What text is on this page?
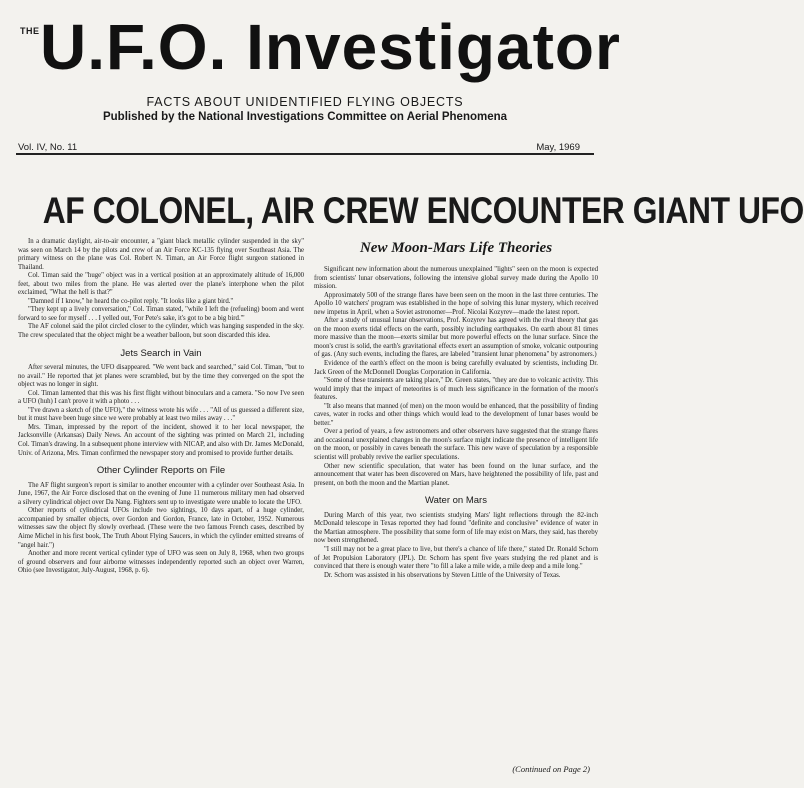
THE U.F.O. Investigator
FACTS ABOUT UNIDENTIFIED FLYING OBJECTS
Published by the National Investigations Committee on Aerial Phenomena
Vol. IV, No. 11	May, 1969
AF COLONEL, AIR CREW ENCOUNTER GIANT UFO

In a dramatic daylight, air-to-air encounter, a "giant black metallic cylinder suspended in the sky" was seen on March 14 by the pilots and crew of an Air Force KC-135 flying over Southeast Asia. The primary witness on the plane was Col. Robert N. Timan, an Air Force flight surgeon stationed in Thailand.

Col. Timan said the "huge" object was in a vertical position at an approximately altitude of 16,000 feet, about two miles from the plane. He was alerted over the plane's interphone when the pilot exclaimed, "What the hell is that?"

"Damned if I know," he heard the co-pilot reply. "It looks like a giant bird."

"They kept up a lively conversation," Col. Timan stated, "while I left the (refueling) boom and went forward to see for myself . . . I yelled out, 'For Pete's sake, it's got to be a big bird.'"

The AF colonel said the pilot circled closer to the cylinder, which was hanging suspended in the sky. The crew speculated that the object might be a weather balloon, but soon discarded this idea.

Jets Search in Vain

After several minutes, the UFO disappeared. "We went back and searched," said Col. Timan, "but to no avail." He reported that jet planes were scrambled, but by the time they converged on the spot the object was no longer in sight.

Col. Timan lamented that this was his first flight without binoculars and a camera. "So now I've seen a UFO (huh) I can't prove it with a photo . . .

"I've drawn a sketch of (the UFO)," the witness wrote his wife . . . "All of us guessed a different size, but it must have been huge since we were probably at least two miles away . . ."

Mrs. Timan, impressed by the report of the incident, showed it to her local newspaper, the Jacksonville (Arkansas) Daily News. An account of the sighting was printed on March 21, including Col. Timan's drawing. In a subsequent phone interview with NICAP, and also with Dr. James McDonald, Univ. of Arizona, Mrs. Timan confirmed the newspaper story and promised to provide further details.

Other Cylinder Reports on File

The AF flight surgeon's report is similar to another encounter with a cylinder over Southeast Asia. In June, 1967, the Air Force disclosed that on the evening of June 11 numerous military men had observed a silvery cylindrical object over Da Nang. Fighters sent up to investigate were unable to locate the UFO.

Other reports of cylindrical UFOs include two sightings, 10 days apart, of a huge cylinder, accompanied by smaller objects, over Gordon and Gordon, France, late in October, 1952. Numerous witnesses saw the object fly slowly overhead. (These were the two famous French cases, described by Aime Michel in his first book, The Truth About Flying Saucers, in which the cylinder emitted streams of "angel hair.")

Another and more recent vertical cylinder type of UFO was seen on July 8, 1968, when two groups of ground observers and four airborne witnesses independently reported such an object over Warren, Ohio (see Investigator, July-August, 1968, p. 6).

New Moon-Mars Life Theories

Significant new information about the numerous unexplained "lights" seen on the moon is expected from scientists' lunar observations, following the intensive global survey made during the Apollo 10 mission.

Approximately 500 of the strange flares have been seen on the moon in the last three centuries. The Apollo 10 watchers' program was established in the hope of solving this lunar mystery, which received new impetus in April, when a Soviet astronomer—Prof. Nicolai Kozyrev—made the latest report.

After a study of unusual lunar observations, Prof. Kozyrev has agreed with the rival theory that gas on the moon exerts tidal effects on the earth, possibly including earthquakes. On earth about 81 times more massive than the moon—exerts similar but more powerful effects on the lunar surface. Since the moon's crust is solid, the earth's gravitational effects exert an assumption of smoke, volcanic outpouring of gas. (Any such events, including the flares, are labeled "transient lunar phenomena" by astronomers.)

Evidence of the earth's effect on the moon is being carefully evaluated by scientists, including Dr. Jack Green of the McDonnell Douglas Corporation in California.

"Some of these transients are taking place," Dr. Green states, "they are due to volcanic activity. This would imply that the impact of meteorites is of much less significance in the formation of the moon's features.

"It also means that manned (of men) on the moon would be enhanced, that the possibility of finding caves, water in rocks and other things which would lead to the development of lunar bases would be better."

Over a period of years, a few astronomers and other observers have suggested that the strange flares and occasional unexplained changes in the moon's surface might indicate the presence of intelligent life on the moon, or possibly in caves beneath the surface. This new wave of speculation by a responsible scientist will probably revive the earlier speculations.

Other new scientific speculation, that water has been found on the lunar surface, and the announcement that water has been discovered on Mars, have heightened the possibility of life, past and present, on both the moon and the Martian planet.

Water on Mars

During March of this year, two scientists studying Mars' light reflections through the 82-inch McDonald telescope in Texas reported they had found "definite and conclusive" evidence of water in the Martian atmosphere. The possibility that some form of life may exist on Mars, they said, has thereby now been strengthened.

"I still may not be a great place to live, but there's a chance of life there," stated Dr. Ronald Schorn of Jet Propulsion Laboratory (JPL). Dr. Schorn has spent five years studying the red planet and is convinced that there is enough water there "to fill a lake a mile wide, a mile deep and a mile long."

Dr. Schorn was assisted in his observations by Steven Little of the University of Texas.

(Continued on Page 2)
